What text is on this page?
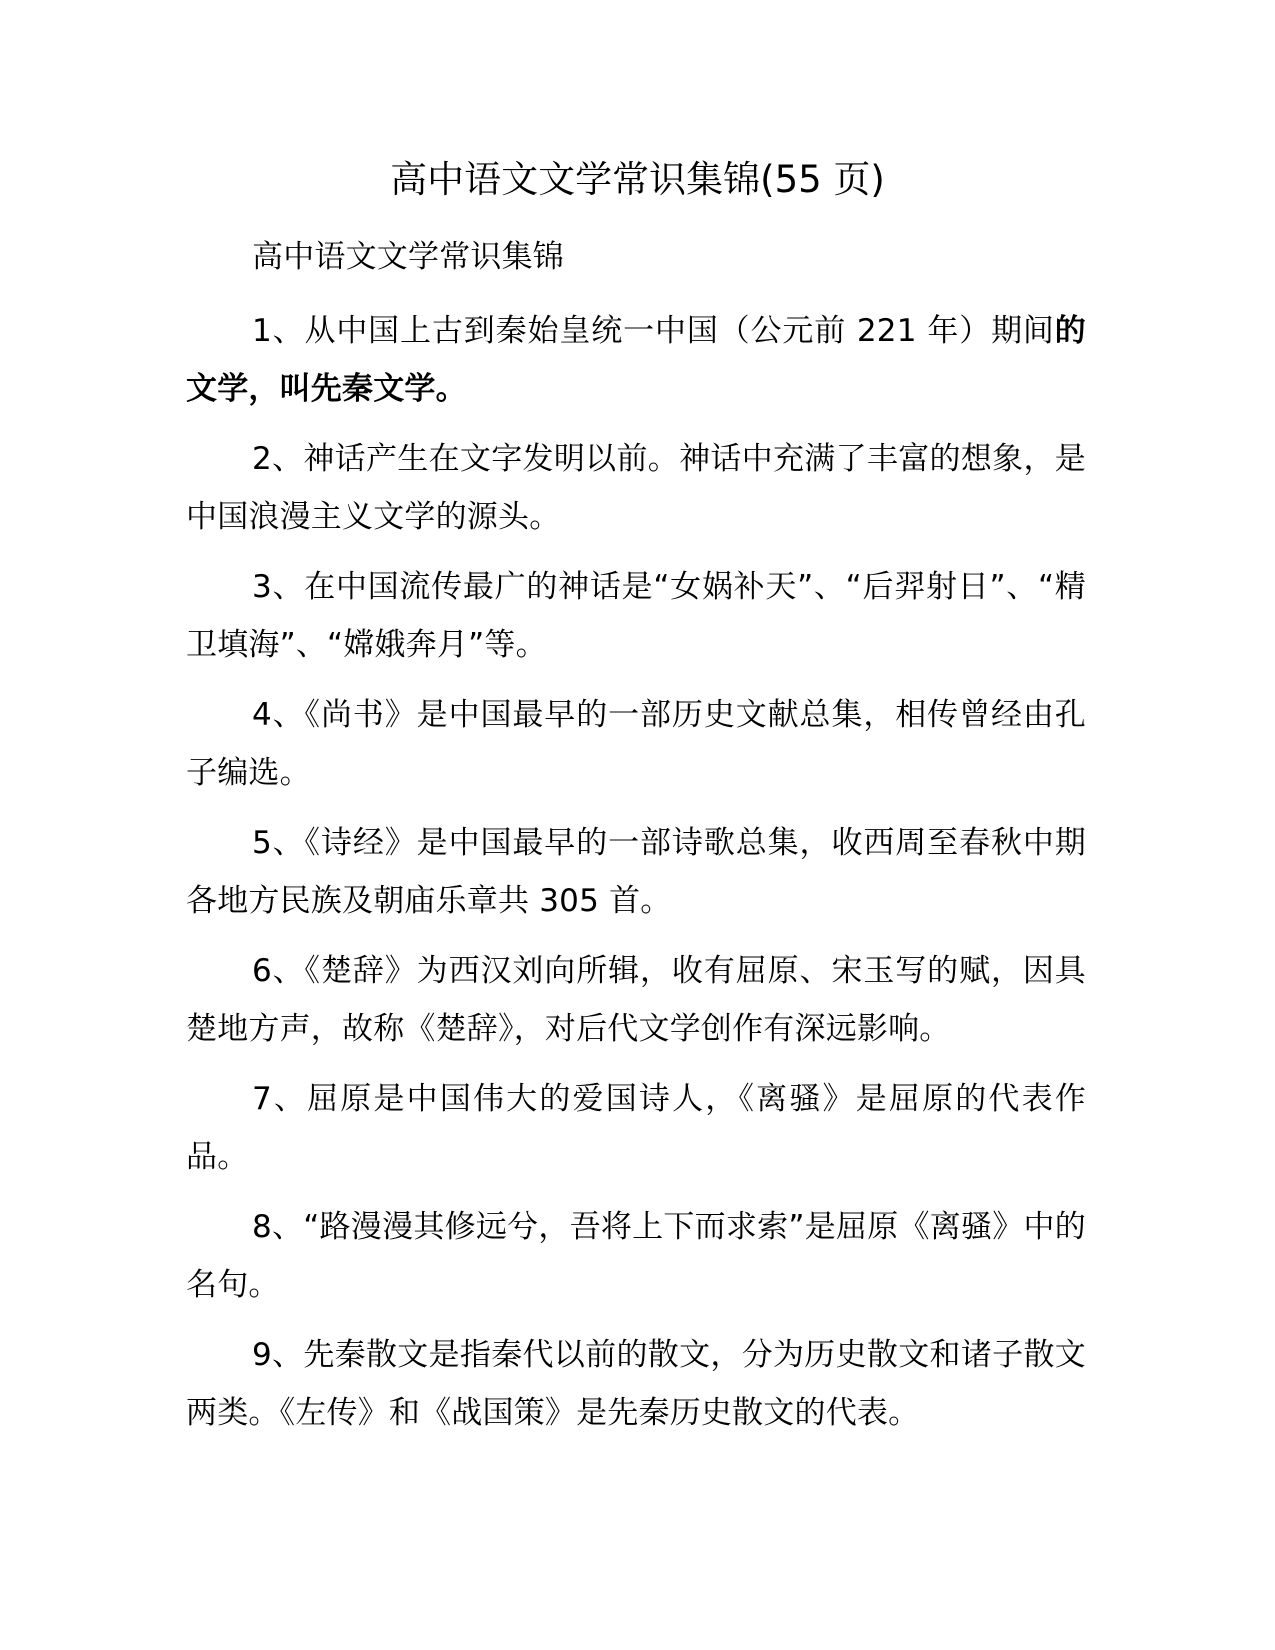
高中语文文学常识集锦(55 页)

高中语文文学常识集锦

1、从中国上古到秦始皇统一中国（公元前 221 年）期间的文学，叫先秦文学。

2、神话产生在文字发明以前。神话中充满了丰富的想象，是中国浪漫主义文学的源头。

3、在中国流传最广的神话是“女娲补天”、“后羿射日”、“精卫填海”、“嫦娥奔月”等。

4、《尚书》是中国最早的一部历史文献总集，相传曾经由孔子编选。

5、《诗经》是中国最早的一部诗歌总集，收西周至春秋中期各地方民族及朝庙乐章共 305 首。

6、《楚辞》为西汉刘向所辑，收有屈原、宋玉写的赋，因具楚地方声，故称《楚辞》，对后代文学创作有深远影响。

7、屈原是中国伟大的爱国诗人，《离骚》是屈原的代表作品。

8、“路漫漫其修远兮，吾将上下而求索”是屈原《离骚》中的名句。

9、先秦散文是指秦代以前的散文，分为历史散文和诸子散文两类。《左传》和《战国策》是先秦历史散文的代表。
